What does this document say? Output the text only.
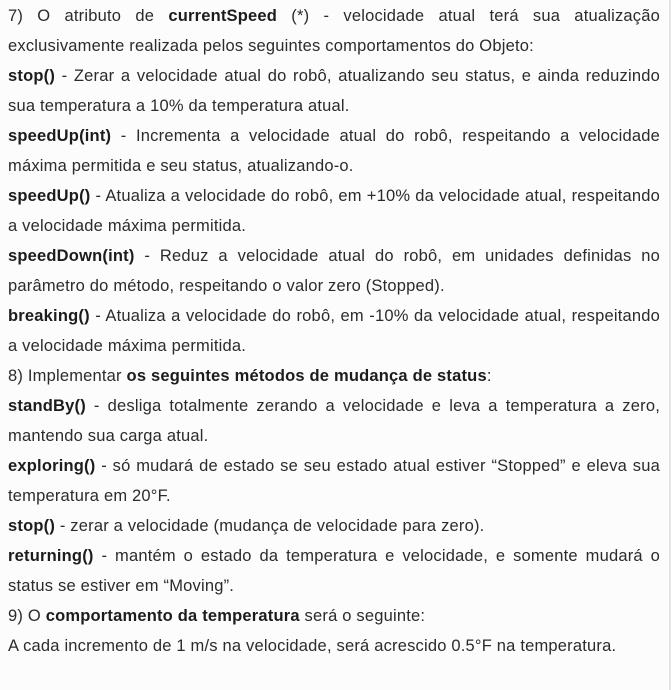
7) O atributo de currentSpeed (*) - velocidade atual terá sua atualização exclusivamente realizada pelos seguintes comportamentos do Objeto:

stop() - Zerar a velocidade atual do robô, atualizando seu status, e ainda reduzindo sua temperatura a 10% da temperatura atual.

speedUp(int) - Incrementa a velocidade atual do robô, respeitando a velocidade máxima permitida e seu status, atualizando-o.

speedUp() - Atualiza a velocidade do robô, em +10% da velocidade atual, respeitando a velocidade máxima permitida.

speedDown(int) - Reduz a velocidade atual do robô, em unidades definidas no parâmetro do método, respeitando o valor zero (Stopped).

breaking() - Atualiza a velocidade do robô, em -10% da velocidade atual, respeitando a velocidade máxima permitida.

8) Implementar os seguintes métodos de mudança de status:

standBy() - desliga totalmente zerando a velocidade e leva a temperatura a zero, mantendo sua carga atual.

exploring() - só mudará de estado se seu estado atual estiver “Stopped” e eleva sua temperatura em 20°F.

stop() - zerar a velocidade (mudança de velocidade para zero).

returning() - mantém o estado da temperatura e velocidade, e somente mudará o status se estiver em “Moving”.

9) O comportamento da temperatura será o seguinte:

A cada incremento de 1 m/s na velocidade, será acrescido 0.5°F na temperatura.
